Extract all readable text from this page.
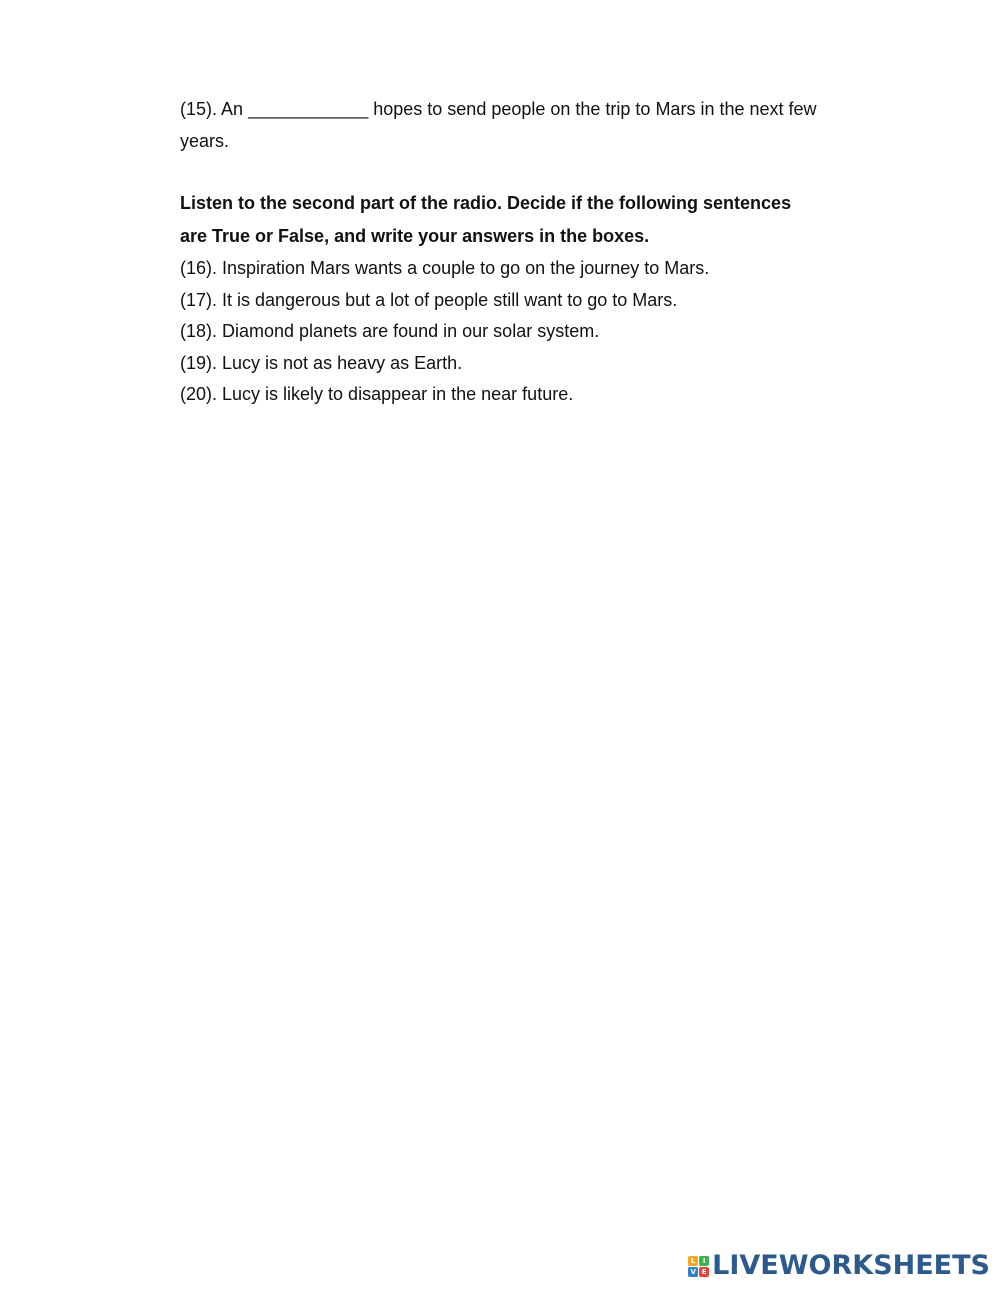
(15). An ____________ hopes to send people on the trip to Mars in the next few years.

Listen to the second part of the radio. Decide if the following sentences are True or False, and write your answers in the boxes.

(16). Inspiration Mars wants a couple to go on the journey to Mars.
(17). It is dangerous but a lot of people still want to go to Mars.
(18). Diamond planets are found in our solar system.
(19). Lucy is not as heavy as Earth.
(20). Lucy is likely to disappear in the near future.
L	I
V E LIVEWORKSHEETS
